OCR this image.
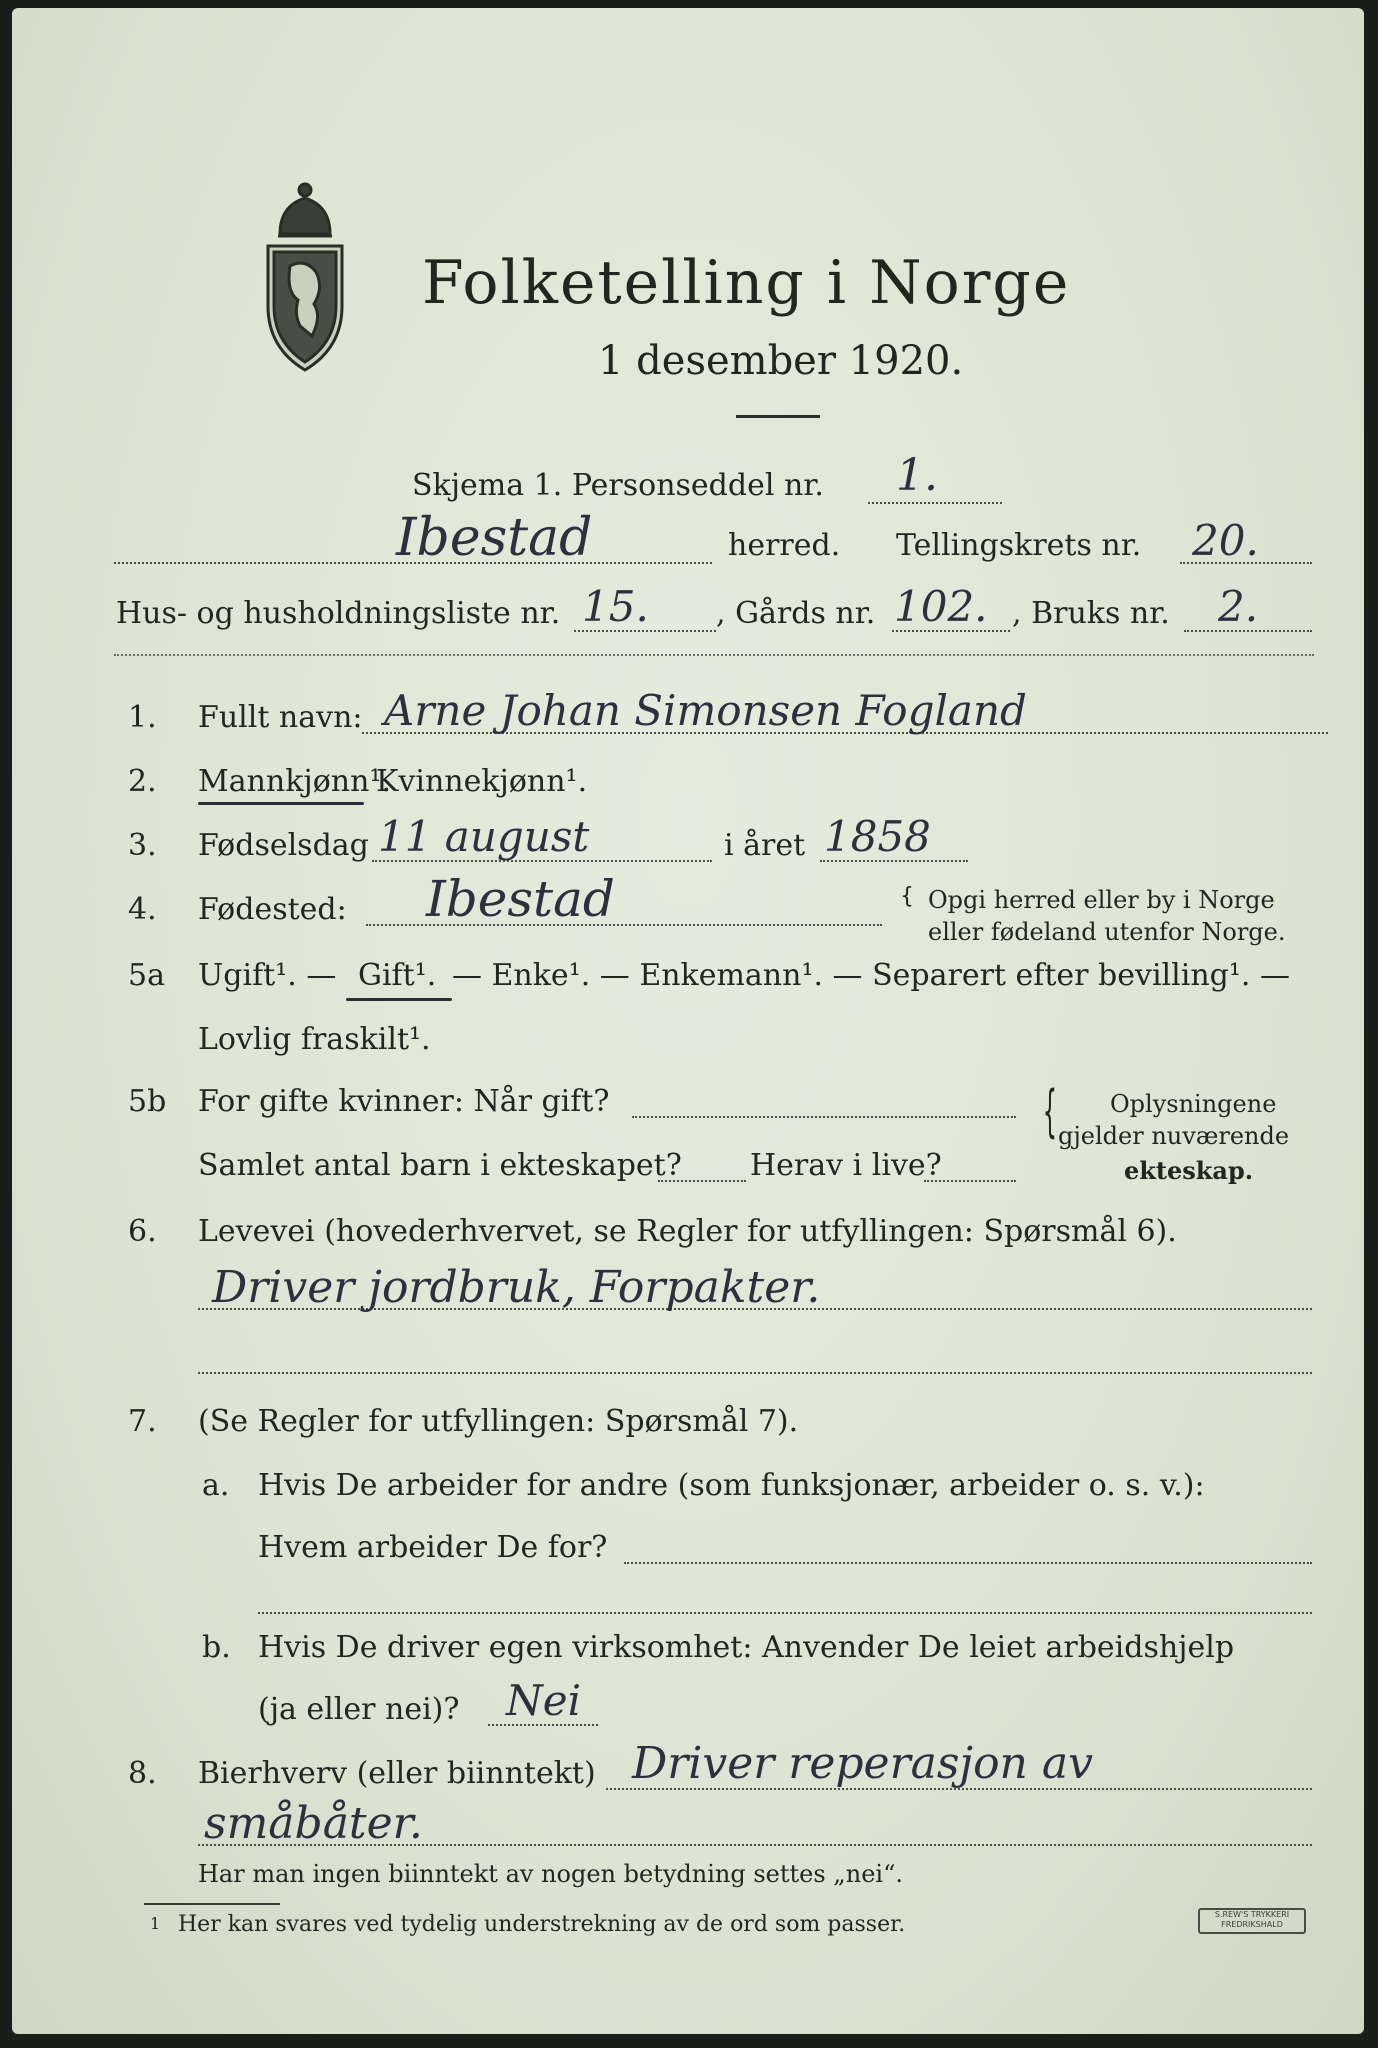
Folketelling i Norge
1 desember 1920.
Skjema 1. Personseddel nr. 1.
Ibestad	herred. Tellingskrets nr. 20.
Hus- og husholdningsliste nr. 15. , Gårds nr. 102. , Bruks nr. 2.
1. Fullt navn: Arne Johan Simonsen Fogland
2. Mannkjønn¹.
Kvinnekjønn¹.
3. Fødselsdag 11 august	i året 1858
4. Fødested: Ibestad	{ Opgi herred eller by i Norge
eller fødeland utenfor Norge.
5a Ugift¹. — Gift¹. — Enke¹. — Enkemann¹. — Separert efter bevilling¹. —
Lovlig fraskilt¹.
5b For gifte kvinner: Når gift?
Samlet antal barn i ekteskapet? Herav i live?
{ Oplysningene
gjelder nuværende
ekteskap.
6. Levevei (hovederhvervet, se Regler for utfyllingen: Spørsmål 6).
Driver jordbruk, Forpakter.
7. (Se Regler for utfyllingen: Spørsmål 7).
a. Hvis De arbeider for andre (som funksjonær, arbeider o. s. v.):
Hvem arbeider De for?
b. Hvis De driver egen virksomhet: Anvender De leiet arbeidshjelp
(ja eller nei)? Nei
8. Bierhverv (eller biinntekt) Driver reperasjon av
småbåter.
Har man ingen biinntekt av nogen betydning settes „nei“.
1 Her kan svares ved tydelig understrekning av de ord som passer.	S.REW'S TRYKKERI
FREDRIKSHALD
